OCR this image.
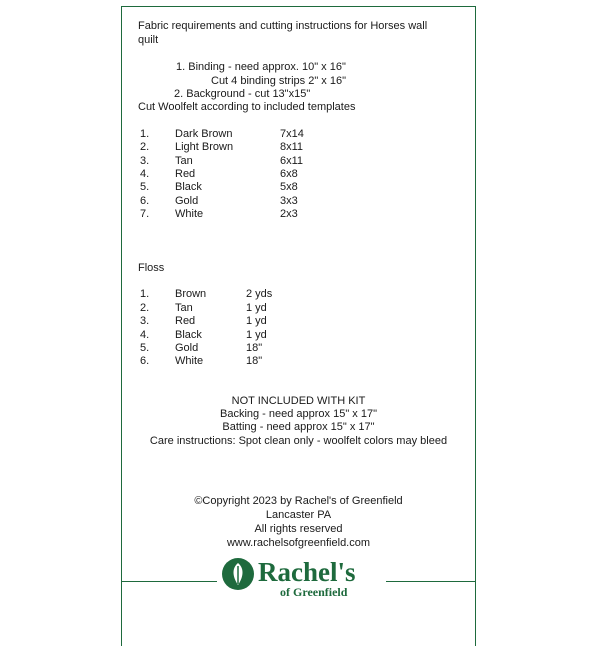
Fabric requirements and cutting instructions for Horses wall quilt
1. Binding - need approx. 10" x 16"
Cut 4 binding strips 2" x 16"
2. Background - cut 13"x15"
Cut Woolfelt according to included templates
1. Dark Brown	7x14
2. Light Brown	8x11
3. Tan	6x11
4. Red	6x8
5. Black	5x8
6. Gold	3x3
7. White	2x3
Floss
1. Brown	2 yds
2. Tan	1 yd
3. Red	1 yd
4. Black	1 yd
5. Gold	18"
6. White	18"
NOT INCLUDED WITH KIT
Backing - need approx 15" x 17"
Batting - need approx 15" x 17"
Care instructions: Spot clean only - woolfelt colors may bleed
©Copyright 2023 by Rachel's of Greenfield
Lancaster PA
All rights reserved
www.rachelsofgreenfield.com
Rachel's
of Greenfield
